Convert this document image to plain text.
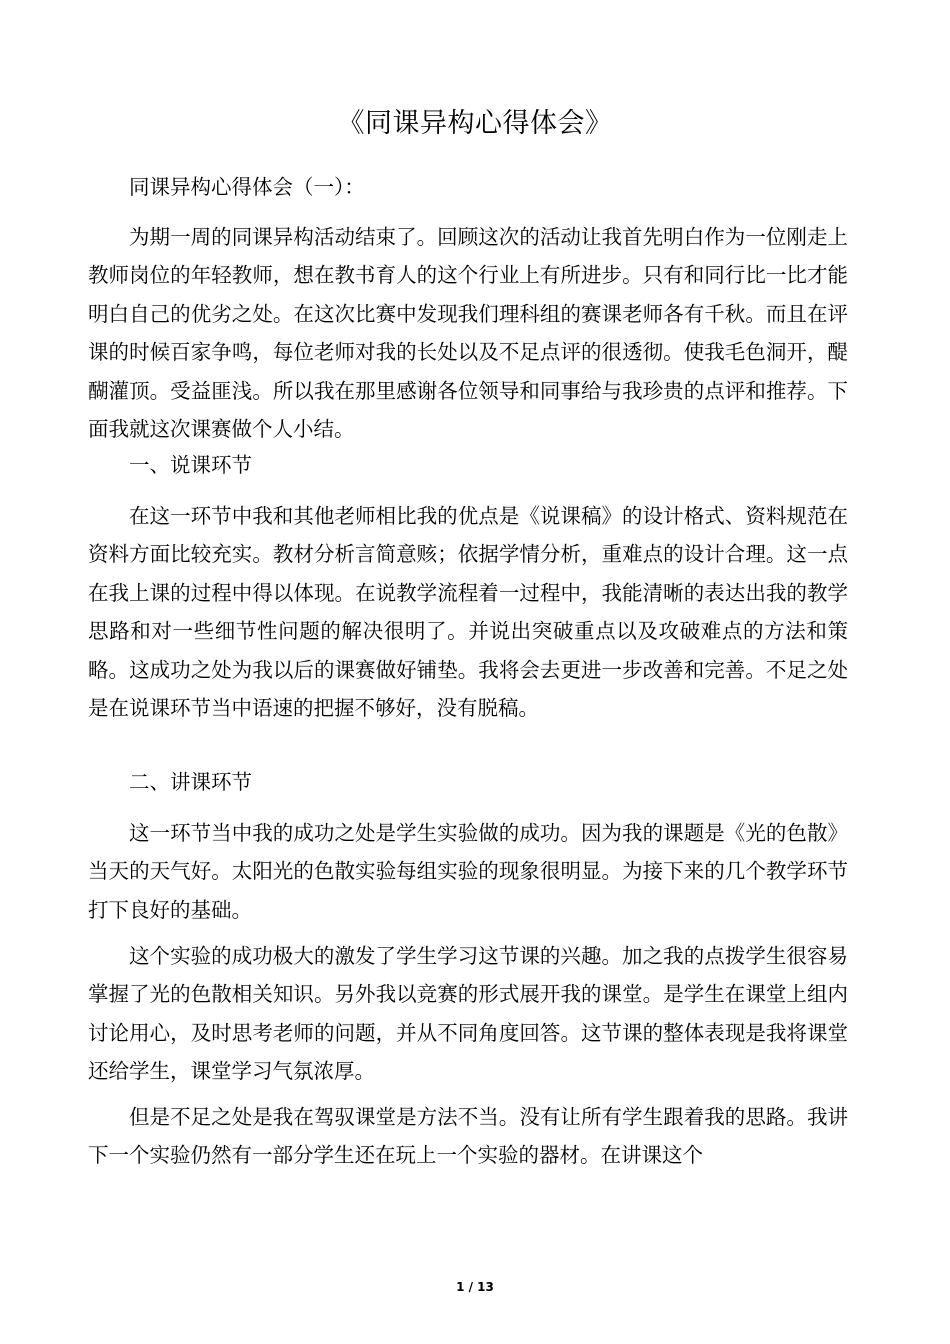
《同课异构心得体会》

同课异构心得体会（一）：

为期一周的同课异构活动结束了。回顾这次的活动让我首先明白作为一位刚走上教师岗位的年轻教师，想在教书育人的这个行业上有所进步。只有和同行比一比才能明白自己的优劣之处。在这次比赛中发现我们理科组的赛课老师各有千秋。而且在评课的时候百家争鸣，每位老师对我的长处以及不足点评的很透彻。使我毛色洞开，醍醐灌顶。受益匪浅。所以我在那里感谢各位领导和同事给与我珍贵的点评和推荐。下面我就这次课赛做个人小结。

一、说课环节

在这一环节中我和其他老师相比我的优点是《说课稿》的设计格式、资料规范在资料方面比较充实。教材分析言简意赅；依据学情分析，重难点的设计合理。这一点在我上课的过程中得以体现。在说教学流程着一过程中，我能清晰的表达出我的教学思路和对一些细节性问题的解决很明了。并说出突破重点以及攻破难点的方法和策略。这成功之处为我以后的课赛做好铺垫。我将会去更进一步改善和完善。不足之处是在说课环节当中语速的把握不够好，没有脱稿。

二、讲课环节

这一环节当中我的成功之处是学生实验做的成功。因为我的课题是《光的色散》当天的天气好。太阳光的色散实验每组实验的现象很明显。为接下来的几个教学环节打下良好的基础。

这个实验的成功极大的激发了学生学习这节课的兴趣。加之我的点拨学生很容易掌握了光的色散相关知识。另外我以竞赛的形式展开我的课堂。是学生在课堂上组内讨论用心，及时思考老师的问题，并从不同角度回答。这节课的整体表现是我将课堂还给学生，课堂学习气氛浓厚。

但是不足之处是我在驾驭课堂是方法不当。没有让所有学生跟着我的思路。我讲下一个实验仍然有一部分学生还在玩上一个实验的器材。在讲课这个

1 / 13
